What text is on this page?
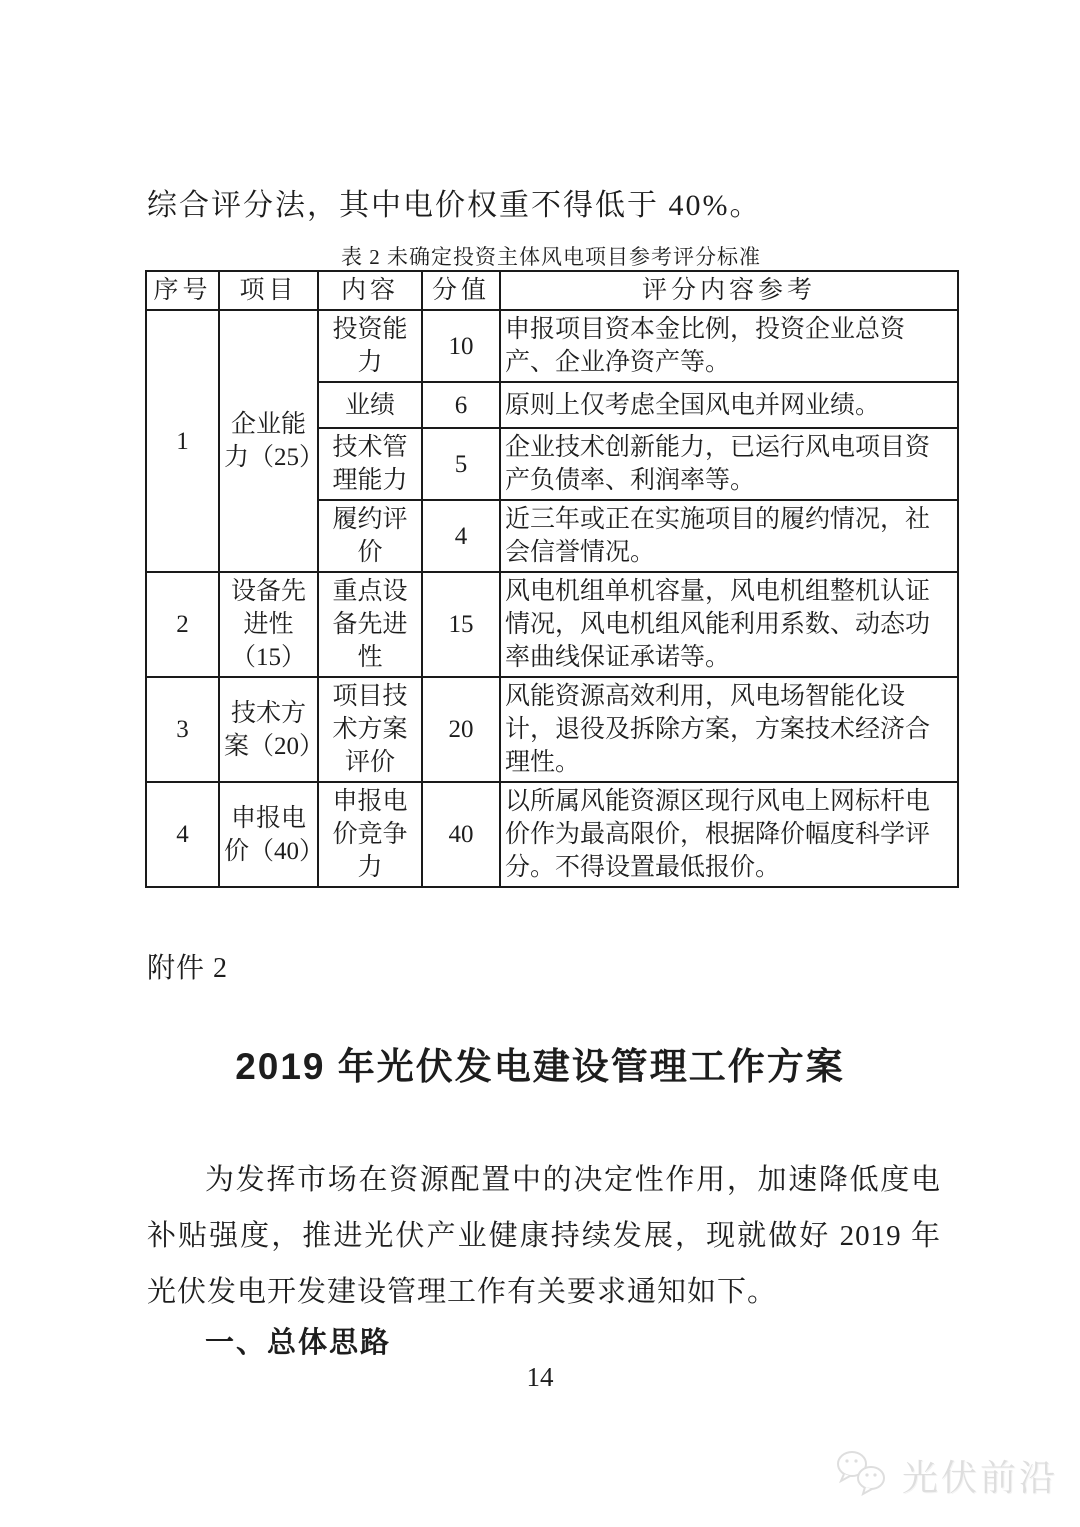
综合评分法，其中电价权重不得低于 40%。
表 2 未确定投资主体风电项目参考评分标准
序号	项目	内容	分值	评分内容参考
1	企业能力（25）	投资能力	10	申报项目资本金比例，投资企业总资产、企业净资产等。
		业绩	6	原则上仅考虑全国风电并网业绩。
		技术管理能力	5	企业技术创新能力，已运行风电项目资产负债率、利润率等。
		履约评价	4	近三年或正在实施项目的履约情况，社会信誉情况。
2	设备先进性（15）	重点设备先进性	15	风电机组单机容量，风电机组整机认证情况，风电机组风能利用系数、动态功率曲线保证承诺等。
3	技术方案（20）	项目技术方案评价	20	风能资源高效利用，风电场智能化设计，退役及拆除方案，方案技术经济合理性。
4	申报电价（40）	申报电价竞争力	40	以所属风能资源区现行风电上网标杆电价作为最高限价，根据降价幅度科学评分。不得设置最低报价。
附件 2
2019 年光伏发电建设管理工作方案
为发挥市场在资源配置中的决定性作用，加速降低度电补贴强度，推进光伏产业健康持续发展，现就做好 2019 年光伏发电开发建设管理工作有关要求通知如下。
一、总体思路
14
光伏前沿
